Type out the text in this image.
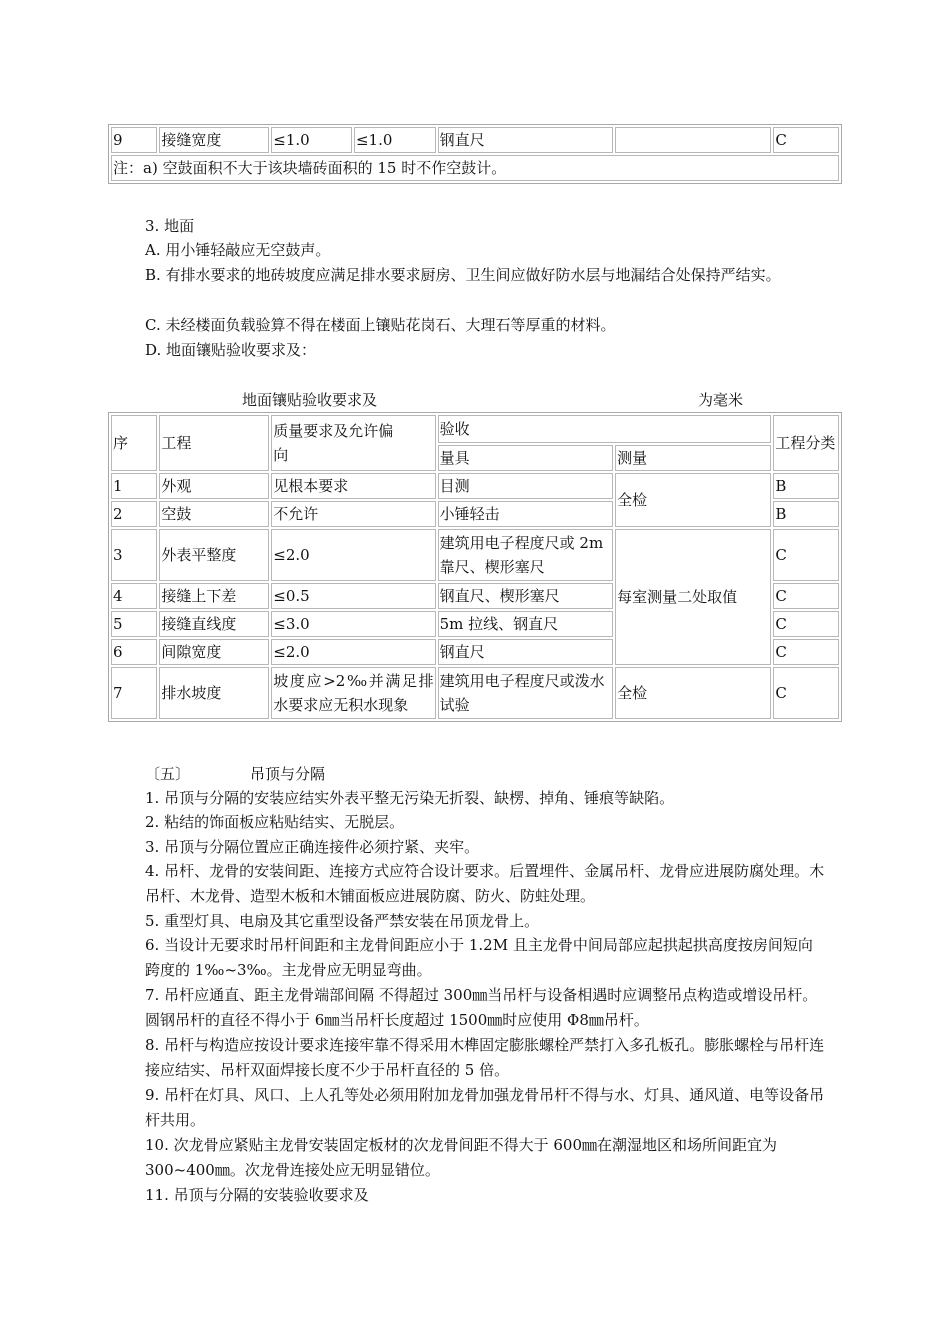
9	接缝宽度	≤1.0	≤1.0	钢直尺		C
注：a) 空鼓面积不大于该块墙砖面积的 15 时不作空鼓计。
3. 地面
A. 用小锤轻敲应无空鼓声。
B. 有排水要求的地砖坡度应满足排水要求厨房、卫生间应做好防水层与地漏结合处保持严结实。
C. 未经楼面负载验算不得在楼面上镶贴花岗石、大理石等厚重的材料。
D. 地面镶贴验收要求及：
地面镶贴验收要求及	为毫米
序	工程	质量要求及允许偏向	验收		工程分类
			量具	测量	
1	外观	见根本要求	目测	全检	B
2	空鼓	不允许	小锤轻击		B
3	外表平整度	≤2.0	建筑用电子程度尺或 2m 靠尺、楔形塞尺	每室测量二处取值	C
4	接缝上下差	≤0.5	钢直尺、楔形塞尺		C
5	接缝直线度	≤3.0	5m 拉线、钢直尺		C
6	间隙宽度	≤2.0	钢直尺		C
7	排水坡度	坡度应>2‰并满足排水要求应无积水现象	建筑用电子程度尺或泼水试验	全检	C
〔五〕	吊顶与分隔
1. 吊顶与分隔的安装应结实外表平整无污染无折裂、缺楞、掉角、锤痕等缺陷。
2. 粘结的饰面板应粘贴结实、无脱层。
3. 吊顶与分隔位置应正确连接件必须拧紧、夹牢。
4. 吊杆、龙骨的安装间距、连接方式应符合设计要求。后置埋件、金属吊杆、龙骨应进展防腐处理。木吊杆、木龙骨、造型木板和木铺面板应进展防腐、防火、防蛀处理。
5. 重型灯具、电扇及其它重型设备严禁安装在吊顶龙骨上。
6. 当设计无要求时吊杆间距和主龙骨间距应小于 1.2M 且主龙骨中间局部应起拱起拱高度按房间短向跨度的 1‰~3‰。主龙骨应无明显弯曲。
7. 吊杆应通直、距主龙骨端部间隔 不得超过 300㎜当吊杆与设备相遇时应调整吊点构造或增设吊杆。圆钢吊杆的直径不得小于 6㎜当吊杆长度超过 1500㎜时应使用 Φ8㎜吊杆。
8. 吊杆与构造应按设计要求连接牢靠不得采用木榫固定膨胀螺栓严禁打入多孔板孔。膨胀螺栓与吊杆连接应结实、吊杆双面焊接长度不少于吊杆直径的 5 倍。
9. 吊杆在灯具、风口、上人孔等处必须用附加龙骨加强龙骨吊杆不得与水、灯具、通风道、电等设备吊杆共用。
10. 次龙骨应紧贴主龙骨安装固定板材的次龙骨间距不得大于 600㎜在潮湿地区和场所间距宜为 300~400㎜。次龙骨连接处应无明显错位。
11. 吊顶与分隔的安装验收要求及
